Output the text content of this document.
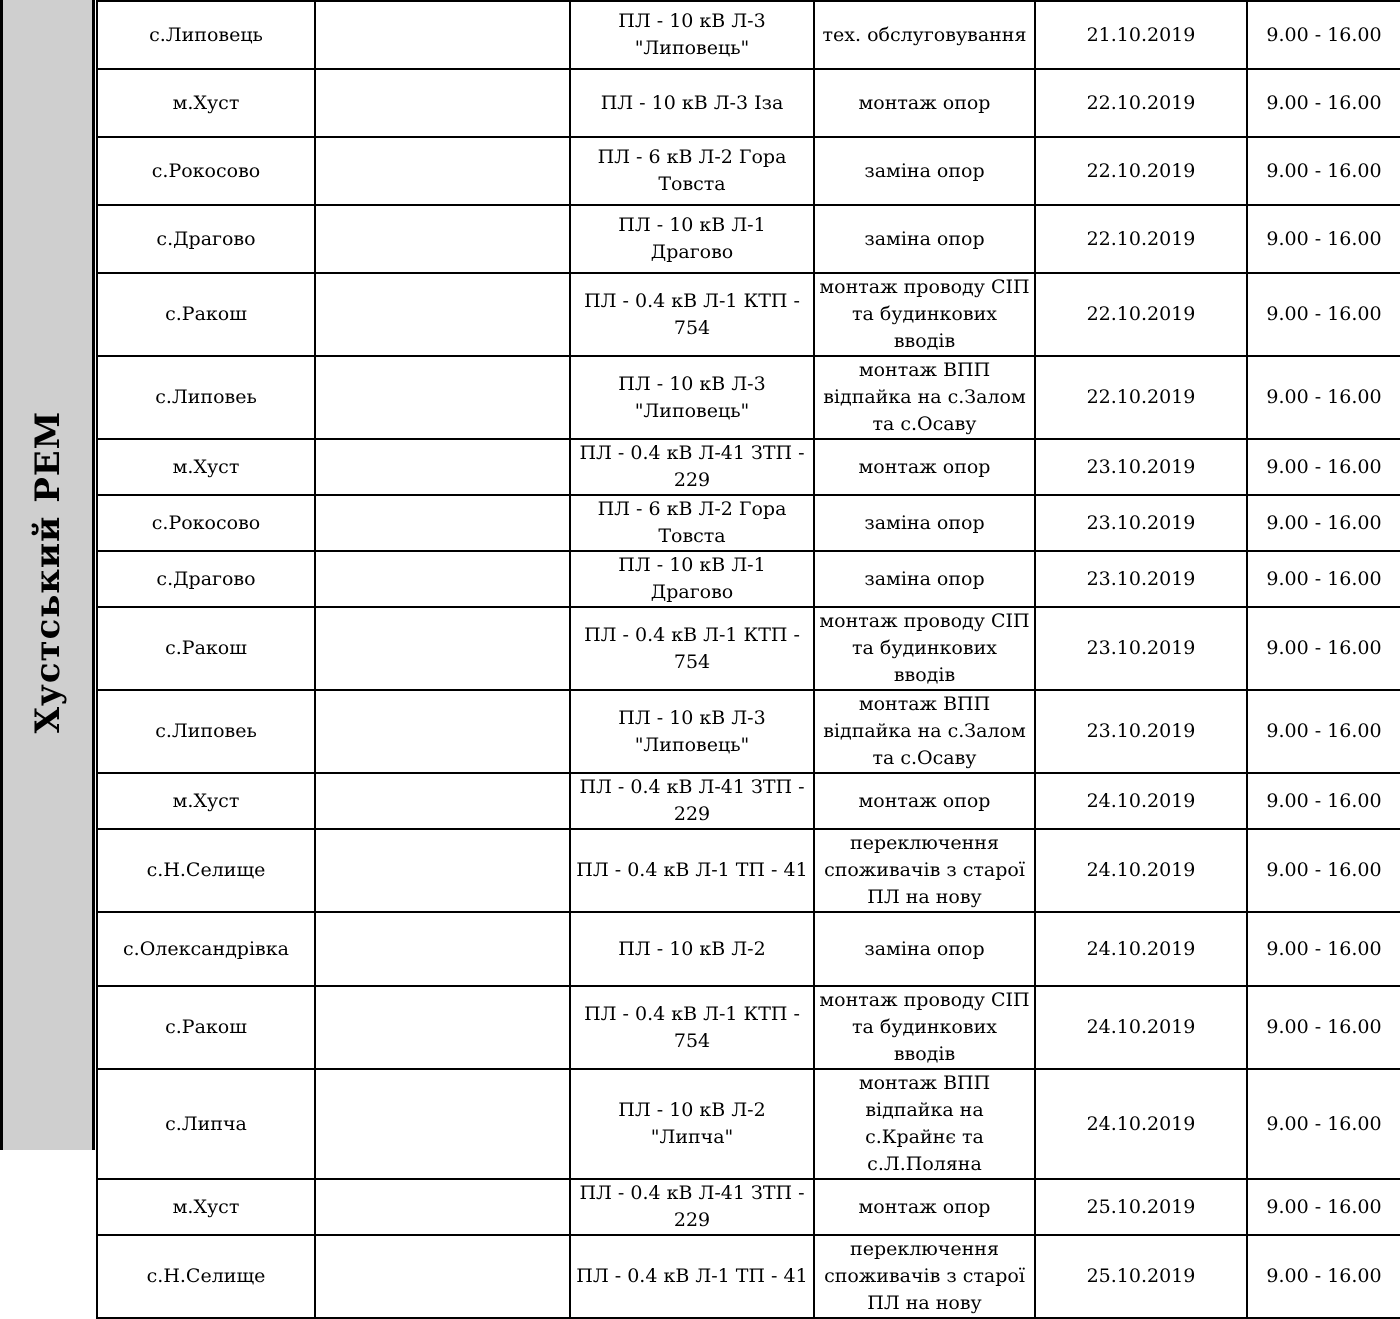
Хустський РЕМ
с.Липовець		ПЛ - 10 кВ Л-3 "Липовець"	тех. обслуговування	21.10.2019	9.00 - 16.00
м.Хуст		ПЛ - 10 кВ Л-3 Іза	монтаж опор	22.10.2019	9.00 - 16.00
с.Рокосово		ПЛ - 6 кВ Л-2 Гора Товста	заміна опор	22.10.2019	9.00 - 16.00
с.Драгово		ПЛ - 10 кВ Л-1 Драгово	заміна опор	22.10.2019	9.00 - 16.00
с.Ракош		ПЛ - 0.4 кВ Л-1 КТП - 754	монтаж проводу СІП та будинкових вводів	22.10.2019	9.00 - 16.00
с.Липовеь		ПЛ - 10 кВ Л-3 "Липовець"	монтаж ВПП відпайка на с.Залом та с.Осаву	22.10.2019	9.00 - 16.00
м.Хуст		ПЛ - 0.4 кВ Л-41 ЗТП - 229	монтаж опор	23.10.2019	9.00 - 16.00
с.Рокосово		ПЛ - 6 кВ Л-2 Гора Товста	заміна опор	23.10.2019	9.00 - 16.00
с.Драгово		ПЛ - 10 кВ Л-1 Драгово	заміна опор	23.10.2019	9.00 - 16.00
с.Ракош		ПЛ - 0.4 кВ Л-1 КТП - 754	монтаж проводу СІП та будинкових вводів	23.10.2019	9.00 - 16.00
с.Липовеь		ПЛ - 10 кВ Л-3 "Липовець"	монтаж ВПП відпайка на с.Залом та с.Осаву	23.10.2019	9.00 - 16.00
м.Хуст		ПЛ - 0.4 кВ Л-41 ЗТП - 229	монтаж опор	24.10.2019	9.00 - 16.00
с.Н.Селище		ПЛ - 0.4 кВ Л-1 ТП - 41	переключення споживачів з старої ПЛ на нову	24.10.2019	9.00 - 16.00
с.Олександрівка		ПЛ - 10 кВ Л-2	заміна опор	24.10.2019	9.00 - 16.00
с.Ракош		ПЛ - 0.4 кВ Л-1 КТП - 754	монтаж проводу СІП та будинкових вводів	24.10.2019	9.00 - 16.00
с.Липча		ПЛ - 10 кВ Л-2 "Липча"	монтаж ВПП відпайка на с.Крайнє та с.Л.Поляна	24.10.2019	9.00 - 16.00
м.Хуст		ПЛ - 0.4 кВ Л-41 ЗТП - 229	монтаж опор	25.10.2019	9.00 - 16.00
с.Н.Селище		ПЛ - 0.4 кВ Л-1 ТП - 41	переключення споживачів з старої ПЛ на нову	25.10.2019	9.00 - 16.00
